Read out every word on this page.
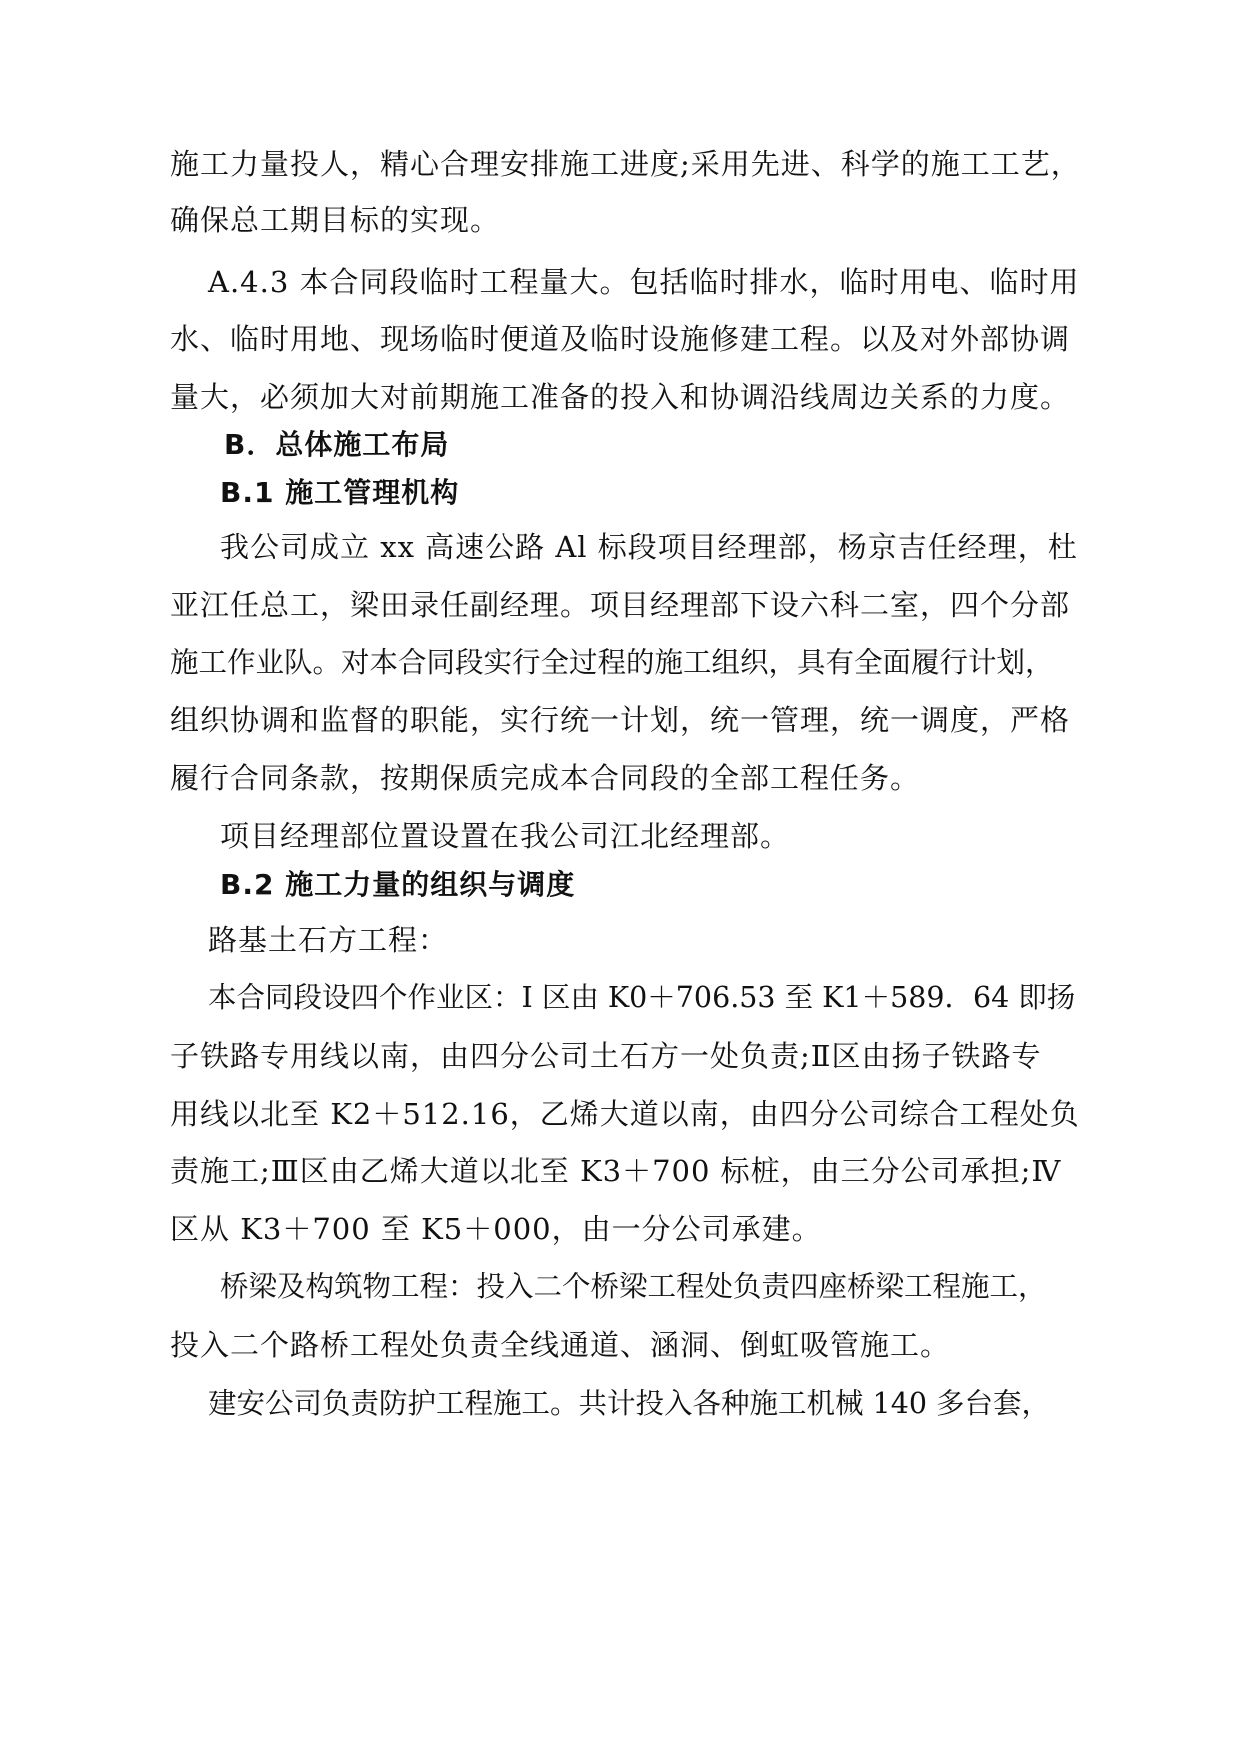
施工力量投人，精心合理安排施工进度;采用先进、科学的施工工艺，
确保总工期目标的实现。
A.4.3 本合同段临时工程量大。包括临时排水，临时用电、临时用
水、临时用地、现场临时便道及临时设施修建工程。以及对外部协调
量大，必须加大对前期施工准备的投入和协调沿线周边关系的力度。
B．总体施工布局
B.1 施工管理机构
我公司成立 xx 高速公路 Al 标段项目经理部，杨京吉任经理，杜
亚江任总工，梁田录任副经理。项目经理部下设六科二室，四个分部
施工作业队。对本合同段实行全过程的施工组织，具有全面履行计划，
组织协调和监督的职能，实行统一计划，统一管理，统一调度，严格
履行合同条款，按期保质完成本合同段的全部工程任务。
项目经理部位置设置在我公司江北经理部。
B.2 施工力量的组织与调度
路基土石方工程：
本合同段设四个作业区：I 区由 K0＋706.53 至 K1＋589．64 即扬
子铁路专用线以南，由四分公司土石方一处负责;Ⅱ区由扬子铁路专
用线以北至 K2＋512.16，乙烯大道以南，由四分公司综合工程处负
责施工;Ⅲ区由乙烯大道以北至 K3＋700 标桩，由三分公司承担;Ⅳ
区从 K3＋700 至 K5＋000，由一分公司承建。
桥梁及构筑物工程：投入二个桥梁工程处负责四座桥梁工程施工，
投入二个路桥工程处负责全线通道、涵洞、倒虹吸管施工。
建安公司负责防护工程施工。共计投入各种施工机械 140 多台套，
